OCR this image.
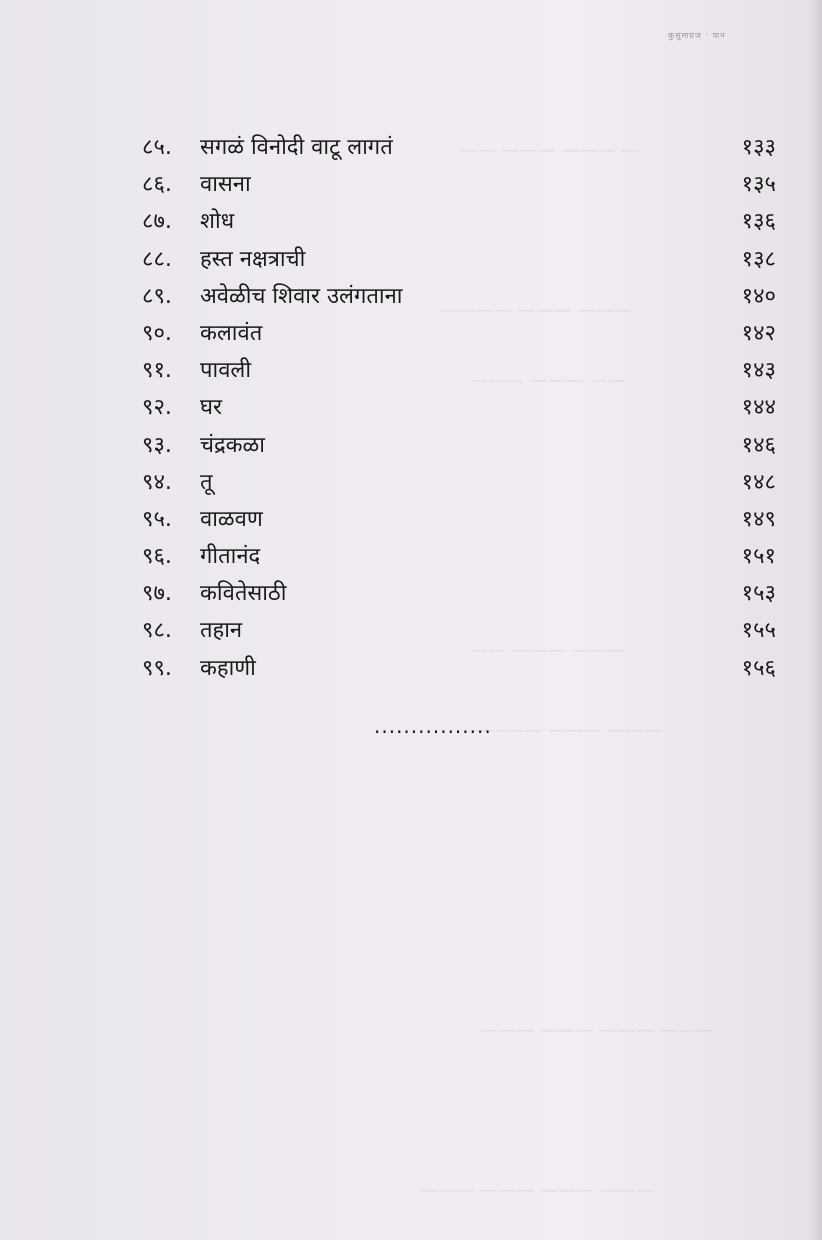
कुसुमाग्रज · पान
— ——— ——— ——
——— ——— ————
—— ——— ———
——— ——— ——
——— ——— ————
——— ——— ——— ———
——— ——— ——— ———
८५. सगळं विनोदी वाटू लागतं	१३३
८६. वासना	१३५
८७. शोध	१३६
८८. हस्त नक्षत्राची	१३८
८९. अवेळीच शिवार उलंगताना	१४०
९०. कलावंत	१४२
९१. पावली	१४३
९२. घर	१४४
९३. चंद्रकळा	१४६
९४. तू	१४८
९५. वाळवण	१४९
९६. गीतानंद	१५१
९७. कवितेसाठी	१५३
९८. तहान	१५५
९९. कहाणी	१५६
................
